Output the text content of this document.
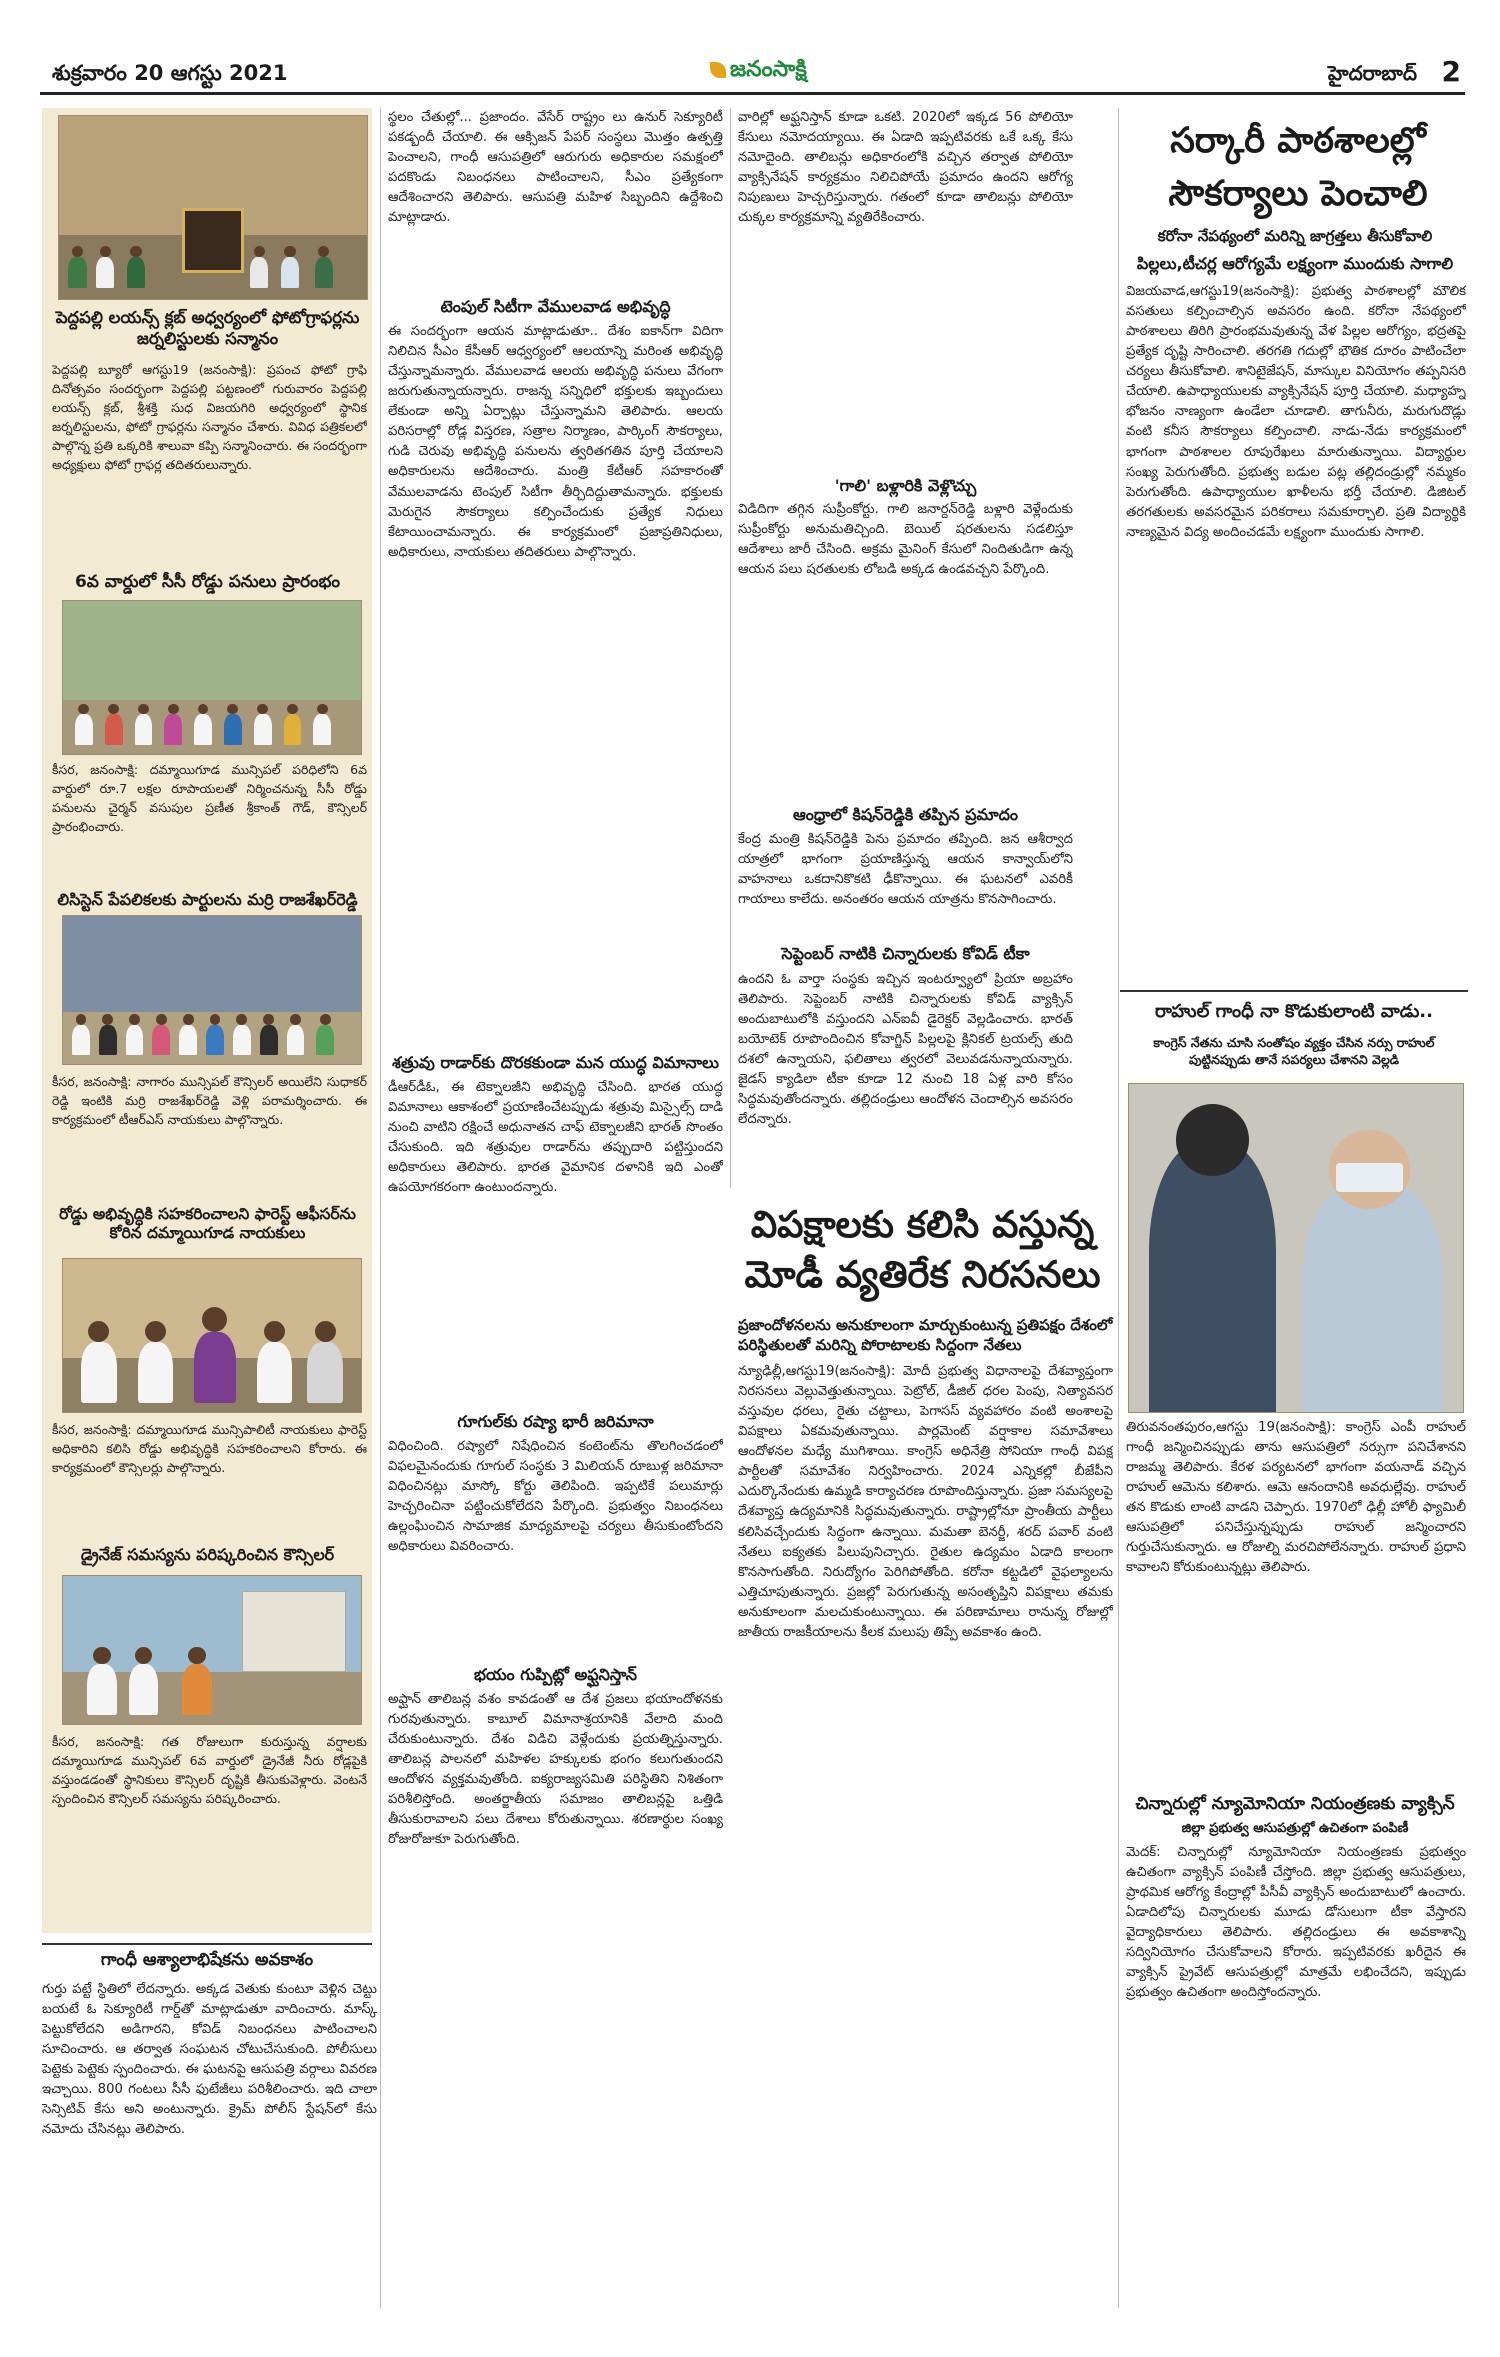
శుక్రవారం 20 ఆగస్టు 2021	జనంసాక్షి	హైదరాబాద్ 2
పెద్దపల్లి లయన్స్ క్లబ్ అధ్వర్యంలో ఫోటోగ్రాఫర్లను జర్నలిస్టులకు సన్మానం
పెద్దపల్లి బ్యూరో ఆగస్టు19 (జనంసాక్షి): ప్రపంచ ఫోటో గ్రాఫి దినోత్సవం సందర్భంగా పెద్దపల్లి పట్టణంలో గురువారం పెద్దపల్లి లయన్స్ క్లబ్, శ్రీశక్తి సుధ విజయగిరి అధ్వర్యంలో స్థానిక జర్నలిస్టులను, ఫోటో గ్రాఫర్లను సన్మానం చేశారు. వివిధ పత్రికలలో పాల్గొన్న ప్రతి ఒక్కరికి శాలువా కప్పి సన్మానించారు. ఈ సందర్భంగా అధ్యక్షులు ఫోటో గ్రాఫర్ల తదితరులున్నారు.
6వ వార్డులో సీసీ రోడ్డు పనులు ప్రారంభం
కీసర, జనంసాక్షి: దమ్మాయిగూడ మున్సిపల్ పరిధిలోని 6వ వార్డులో రూ.7 లక్షల రూపాయలతో నిర్మించనున్న సీసీ రోడ్డు పనులను చైర్మన్ వసుపుల ప్రణీత శ్రీకాంత్ గౌడ్, కౌన్సిలర్ ప్రారంభించారు.
లిసిస్టెన్ పేపలికలకు పార్టులను మర్రి రాజశేఖర్‌రెడ్డి
కీసర, జనంసాక్షి: నాగారం మున్సిపల్ కౌన్సిలర్ అయిలేని సుధాకర్ రెడ్డి ఇంటికి మర్రి రాజశేఖర్‌రెడ్డి వెళ్లి పరామర్శించారు. ఈ కార్యక్రమంలో టీఆర్ఎస్ నాయకులు పాల్గొన్నారు.
రోడ్డు అభివృద్ధికి సహకరించాలని ఫారెస్ట్ ఆఫీసర్‌ను కోరిన దమ్మాయిగూడ నాయకులు
కీసర, జనంసాక్షి: దమ్మాయిగూడ మున్సిపాలిటీ నాయకులు ఫారెస్ట్ అధికారిని కలిసి రోడ్డు అభివృద్ధికి సహకరించాలని కోరారు. ఈ కార్యక్రమంలో కౌన్సిలర్లు పాల్గొన్నారు.
డ్రైనేజ్ సమస్యను పరిష్కరించిన కౌన్సిలర్
కీసర, జనంసాక్షి: గత రోజులుగా కురుస్తున్న వర్షాలకు దమ్మాయిగూడ మున్సిపల్ 6వ వార్డులో డ్రైనేజీ నీరు రోడ్లపైకి వస్తుండడంతో స్థానికులు కౌన్సిలర్ దృష్టికి తీసుకువెళ్లారు. వెంటనే స్పందించిన కౌన్సిలర్ సమస్యను పరిష్కరించారు.
గాంధీ ఆశ్యాలాభిషేకను అవకాశం
గుర్తు పట్టే స్థితిలో లేదన్నారు. అక్కడ వెతుకు కుంటూ వెళ్లిన చెట్టు బయటే ఓ సెక్యూరిటీ గార్డ్‌తో మాట్లాడుతూ వాదించారు. మాస్క్ పెట్టుకోలేదని అడిగారని, కోవిడ్ నిబంధనలు పాటించాలని సూచించారు. ఆ తర్వాత సంఘటన చోటుచేసుకుంది. పోలీసులు పెట్టెకు పెట్టెకు స్పందించారు. ఈ ఘటనపై ఆసుపత్రి వర్గాలు వివరణ ఇచ్చాయి. 800 గంటలు సీసీ ఫుటేజీలు పరిశీలించారు. ఇది చాలా సెన్సిటివ్ కేసు అని అంటున్నారు. క్రైమ్ పోలీస్ స్టేషన్‌లో కేసు నమోదు చేసినట్లు తెలిపారు.
స్థలం చేతుల్లో... ప్రజాందం. వేసేర్ రాష్ట్రం లు ఉనుర్ సెక్యూరిటీ పకడ్బందీ చేయాలి. ఈ ఆక్సిజన్ పేపర్ సంస్థలు మొత్తం ఉత్పత్తి పెంచాలని, గాంధీ ఆసుపత్రిలో ఆరుగురు అధికారుల సమక్షంలో పదకొండు నిబంధనలు పాటించాలని, సీఎం ప్రత్యేకంగా ఆదేశించారని తెలిపారు. ఆసుపత్రి మహిళ సిబ్బందిని ఉద్దేశించి మాట్లాడారు.
టెంపుల్ సిటీగా వేములవాడ అభివృద్ధి
ఈ సందర్భంగా ఆయన మాట్లాడుతూ.. దేశం ఐకాన్‌గా విదిగా నిలిచిన సీఎం కేసీఆర్ ఆధ్వర్యంలో ఆలయాన్ని మరింత అభివృద్ధి చేస్తున్నామన్నారు. వేములవాడ ఆలయ అభివృద్ధి పనులు వేగంగా జరుగుతున్నాయన్నారు. రాజన్న సన్నిధిలో భక్తులకు ఇబ్బందులు లేకుండా అన్ని ఏర్పాట్లు చేస్తున్నామని తెలిపారు. ఆలయ పరిసరాల్లో రోడ్ల విస్తరణ, సత్రాల నిర్మాణం, పార్కింగ్ సౌకర్యాలు, గుడి చెరువు అభివృద్ధి పనులను త్వరితగతిన పూర్తి చేయాలని అధికారులను ఆదేశించారు. మంత్రి కేటీఆర్ సహకారంతో వేములవాడను టెంపుల్ సిటీగా తీర్చిదిద్దుతామన్నారు. భక్తులకు మెరుగైన సౌకర్యాలు కల్పించేందుకు ప్రత్యేక నిధులు కేటాయించామన్నారు. ఈ కార్యక్రమంలో ప్రజాప్రతినిధులు, అధికారులు, నాయకులు తదితరులు పాల్గొన్నారు.
శత్రువు రాడార్‌కు దొరకకుండా మన యుద్ధ విమానాలు
డీఆర్‌డీఓ, ఈ టెక్నాలజీని అభివృద్ధి చేసింది. భారత యుద్ధ విమానాలు ఆకాశంలో ప్రయాణించేటప్పుడు శత్రువు మిస్సైల్స్ దాడి నుంచి వాటిని రక్షించే అధునాతన చాఫ్ టెక్నాలజీని భారత్ సొంతం చేసుకుంది. ఇది శత్రువుల రాడార్‌ను తప్పుదారి పట్టిస్తుందని అధికారులు తెలిపారు. భారత వైమానిక దళానికి ఇది ఎంతో ఉపయోగకరంగా ఉంటుందన్నారు.
గూగుల్‌కు రష్యా భారీ జరిమానా
విధించింది. రష్యాలో నిషేధించిన కంటెంట్‌ను తొలగించడంలో విఫలమైనందుకు గూగుల్ సంస్థకు 3 మిలియన్ రూబుళ్ల జరిమానా విధించినట్లు మాస్కో కోర్టు తెలిపింది. ఇప్పటికే పలుమార్లు హెచ్చరించినా పట్టించుకోలేదని పేర్కొంది. ప్రభుత్వం నిబంధనలు ఉల్లంఘించిన సామాజిక మాధ్యమాలపై చర్యలు తీసుకుంటోందని అధికారులు వివరించారు.
భయం గుప్పిట్లో అఫ్ఘనిస్తాన్
అఫ్ఘాన్ తాలిబన్ల వశం కావడంతో ఆ దేశ ప్రజలు భయాందోళనకు గురవుతున్నారు. కాబూల్ విమానాశ్రయానికి వేలాది మంది చేరుకుంటున్నారు. దేశం విడిచి వెళ్లేందుకు ప్రయత్నిస్తున్నారు. తాలిబన్ల పాలనలో మహిళల హక్కులకు భంగం కలుగుతుందని ఆందోళన వ్యక్తమవుతోంది. ఐక్యరాజ్యసమితి పరిస్థితిని నిశితంగా పరిశీలిస్తోంది. అంతర్జాతీయ సమాజం తాలిబన్లపై ఒత్తిడి తీసుకురావాలని పలు దేశాలు కోరుతున్నాయి. శరణార్థుల సంఖ్య రోజురోజుకూ పెరుగుతోంది.
వారిల్లో అఫ్ఘనిస్తాన్ కూడా ఒకటి. 2020లో ఇక్కడ 56 పోలియో కేసులు నమోదయ్యాయి. ఈ ఏడాది ఇప్పటివరకు ఒకే ఒక్క కేసు నమోదైంది. తాలిబన్లు అధికారంలోకి వచ్చిన తర్వాత పోలియో వ్యాక్సినేషన్ కార్యక్రమం నిలిచిపోయే ప్రమాదం ఉందని ఆరోగ్య నిపుణులు హెచ్చరిస్తున్నారు. గతంలో కూడా తాలిబన్లు పోలియో చుక్కల కార్యక్రమాన్ని వ్యతిరేకించారు.
'గాలి' బళ్లారికి వెళ్లొచ్చు
విడిదిగా తగ్గిన సుప్రీంకోర్టు. గాలి జనార్దన్‌రెడ్డి బళ్లారి వెళ్లేందుకు సుప్రీంకోర్టు అనుమతిచ్చింది. బెయిల్ షరతులను సడలిస్తూ ఆదేశాలు జారీ చేసింది. అక్రమ మైనింగ్ కేసులో నిందితుడిగా ఉన్న ఆయన పలు షరతులకు లోబడి అక్కడ ఉండవచ్చని పేర్కొంది.
ఆంధ్రాలో కిషన్‌రెడ్డికి తప్పిన ప్రమాదం
కేంద్ర మంత్రి కిషన్‌రెడ్డికి పెను ప్రమాదం తప్పింది. జన ఆశీర్వాద యాత్రలో భాగంగా ప్రయాణిస్తున్న ఆయన కాన్వాయ్‌లోని వాహనాలు ఒకదానికొకటి ఢీకొన్నాయి. ఈ ఘటనలో ఎవరికీ గాయాలు కాలేదు. అనంతరం ఆయన యాత్రను కొనసాగించారు.
సెప్టెంబర్ నాటికి చిన్నారులకు కోవిడ్ టీకా
ఉందని ఓ వార్తా సంస్థకు ఇచ్చిన ఇంటర్వ్యూలో ప్రియా అబ్రహాం తెలిపారు. సెప్టెంబర్ నాటికి చిన్నారులకు కోవిడ్ వ్యాక్సిన్ అందుబాటులోకి వస్తుందని ఎన్ఐవీ డైరెక్టర్ వెల్లడించారు. భారత్ బయోటెక్ రూపొందించిన కోవాగ్జిన్ పిల్లలపై క్లినికల్ ట్రయల్స్ తుది దశలో ఉన్నాయని, ఫలితాలు త్వరలో వెలువడనున్నాయన్నారు. జైడస్ క్యాడిలా టీకా కూడా 12 నుంచి 18 ఏళ్ల వారి కోసం సిద్ధమవుతోందన్నారు. తల్లిదండ్రులు ఆందోళన చెందాల్సిన అవసరం లేదన్నారు.
విపక్షాలకు కలిసి వస్తున్న మోడీ వ్యతిరేక నిరసనలు
ప్రజాందోళనలను అనుకూలంగా మార్చుకుంటున్న ప్రతిపక్షం దేశంలో పరిస్థితులతో మరిన్ని పోరాటాలకు సిద్దంగా నేతలు
న్యూఢిల్లీ,ఆగస్టు19(జనంసాక్షి): మోదీ ప్రభుత్వ విధానాలపై దేశవ్యాప్తంగా నిరసనలు వెల్లువెత్తుతున్నాయి. పెట్రోల్, డీజిల్ ధరల పెంపు, నిత్యావసర వస్తువుల ధరలు, రైతు చట్టాలు, పెగాసస్ వ్యవహారం వంటి అంశాలపై విపక్షాలు ఏకమవుతున్నాయి. పార్లమెంట్ వర్షాకాల సమావేశాలు ఆందోళనల మధ్యే ముగిశాయి. కాంగ్రెస్ అధినేత్రి సోనియా గాంధీ విపక్ష పార్టీలతో సమావేశం నిర్వహించారు. 2024 ఎన్నికల్లో బీజేపీని ఎదుర్కొనేందుకు ఉమ్మడి కార్యాచరణ రూపొందిస్తున్నారు. ప్రజా సమస్యలపై దేశవ్యాప్త ఉద్యమానికి సిద్ధమవుతున్నారు. రాష్ట్రాల్లోనూ ప్రాంతీయ పార్టీలు కలిసివచ్చేందుకు సిద్ధంగా ఉన్నాయి. మమతా బెనర్జీ, శరద్ పవార్ వంటి నేతలు ఐక్యతకు పిలుపునిచ్చారు. రైతుల ఉద్యమం ఏడాది కాలంగా కొనసాగుతోంది. నిరుద్యోగం పెరిగిపోతోంది. కరోనా కట్టడిలో వైఫల్యాలను ఎత్తిచూపుతున్నారు. ప్రజల్లో పెరుగుతున్న అసంతృప్తిని విపక్షాలు తమకు అనుకూలంగా మలచుకుంటున్నాయి. ఈ పరిణామాలు రానున్న రోజుల్లో జాతీయ రాజకీయాలను కీలక మలుపు తిప్పే అవకాశం ఉంది.
సర్కారీ పాఠశాలల్లో సౌకర్యాలు పెంచాలి
కరోనా నేపథ్యంలో మరిన్ని జాగ్రత్తలు తీసుకోవాలి
పిల్లలు,టీచర్ల ఆరోగ్యమే లక్ష్యంగా ముందుకు సాగాలి
విజయవాడ,ఆగస్టు19(జనంసాక్షి): ప్రభుత్వ పాఠశాలల్లో మౌలిక వసతులు కల్పించాల్సిన అవసరం ఉంది. కరోనా నేపథ్యంలో పాఠశాలలు తిరిగి ప్రారంభమవుతున్న వేళ పిల్లల ఆరోగ్యం, భద్రతపై ప్రత్యేక దృష్టి సారించాలి. తరగతి గదుల్లో భౌతిక దూరం పాటించేలా చర్యలు తీసుకోవాలి. శానిటైజేషన్, మాస్కుల వినియోగం తప్పనిసరి చేయాలి. ఉపాధ్యాయులకు వ్యాక్సినేషన్ పూర్తి చేయాలి. మధ్యాహ్న భోజనం నాణ్యంగా ఉండేలా చూడాలి. తాగునీరు, మరుగుదొడ్లు వంటి కనీస సౌకర్యాలు కల్పించాలి. నాడు-నేడు కార్యక్రమంలో భాగంగా పాఠశాలల రూపురేఖలు మారుతున్నాయి. విద్యార్థుల సంఖ్య పెరుగుతోంది. ప్రభుత్వ బడుల పట్ల తల్లిదండ్రుల్లో నమ్మకం పెరుగుతోంది. ఉపాధ్యాయుల ఖాళీలను భర్తీ చేయాలి. డిజిటల్ తరగతులకు అవసరమైన పరికరాలు సమకూర్చాలి. ప్రతి విద్యార్థికి నాణ్యమైన విద్య అందించడమే లక్ష్యంగా ముందుకు సాగాలి.
రాహుల్ గాంధీ నా కొడుకులాంటి వాడు..
కాంగ్రెస్ నేతను చూసి సంతోషం వ్యక్తం చేసిన నర్సు రాహుల్ పుట్టినప్పుడు తానే సపర్యలు చేశానని వెల్లడి
తిరువనంతపురం,ఆగస్టు 19(జనంసాక్షి): కాంగ్రెస్ ఎంపీ రాహుల్ గాంధీ జన్మించినప్పుడు తాను ఆసుపత్రిలో నర్సుగా పనిచేశానని రాజమ్మ తెలిపారు. కేరళ పర్యటనలో భాగంగా వయనాడ్ వచ్చిన రాహుల్ ఆమెను కలిశారు. ఆమె ఆనందానికి అవధుల్లేవు. రాహుల్ తన కొడుకు లాంటి వాడని చెప్పారు. 1970లో ఢిల్లీ హోలీ ఫ్యామిలీ ఆసుపత్రిలో పనిచేస్తున్నప్పుడు రాహుల్ జన్మించారని గుర్తుచేసుకున్నారు. ఆ రోజుల్ని మరచిపోలేనన్నారు. రాహుల్ ప్రధాని కావాలని కోరుకుంటున్నట్లు తెలిపారు.
చిన్నారుల్లో న్యూమోనియా నియంత్రణకు వ్యాక్సిన్
జిల్లా ప్రభుత్వ ఆసుపత్రుల్లో ఉచితంగా పంపిణీ
మెదక్: చిన్నారుల్లో న్యూమోనియా నియంత్రణకు ప్రభుత్వం ఉచితంగా వ్యాక్సిన్ పంపిణీ చేస్తోంది. జిల్లా ప్రభుత్వ ఆసుపత్రులు, ప్రాథమిక ఆరోగ్య కేంద్రాల్లో పీసీవీ వ్యాక్సిన్ అందుబాటులో ఉంచారు. ఏడాదిలోపు చిన్నారులకు మూడు డోసులుగా టీకా వేస్తారని వైద్యాధికారులు తెలిపారు. తల్లిదండ్రులు ఈ అవకాశాన్ని సద్వినియోగం చేసుకోవాలని కోరారు. ఇప్పటివరకు ఖరీదైన ఈ వ్యాక్సిన్ ప్రైవేట్ ఆసుపత్రుల్లో మాత్రమే లభించేదని, ఇప్పుడు ప్రభుత్వం ఉచితంగా అందిస్తోందన్నారు.
